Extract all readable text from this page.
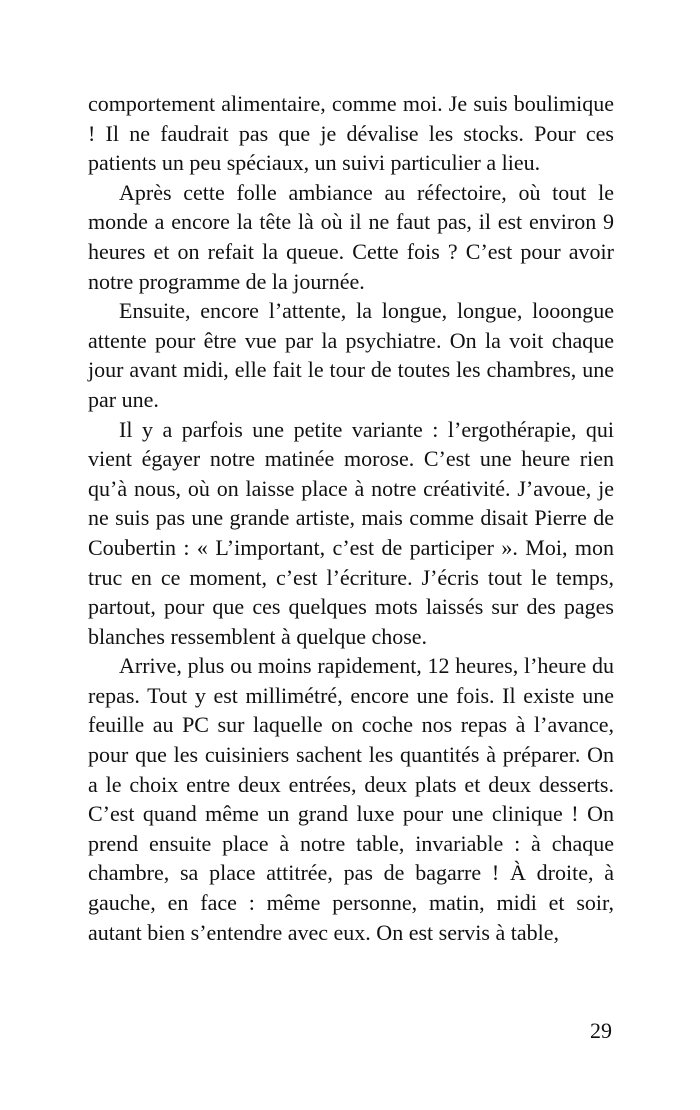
comportement alimentaire, comme moi. Je suis boulimique ! Il ne faudrait pas que je dévalise les stocks. Pour ces patients un peu spéciaux, un suivi particulier a lieu.

Après cette folle ambiance au réfectoire, où tout le monde a encore la tête là où il ne faut pas, il est environ 9 heures et on refait la queue. Cette fois ? C’est pour avoir notre programme de la journée.

Ensuite, encore l’attente, la longue, longue, looongue attente pour être vue par la psychiatre. On la voit chaque jour avant midi, elle fait le tour de toutes les chambres, une par une.

Il y a parfois une petite variante : l’ergothérapie, qui vient égayer notre matinée morose. C’est une heure rien qu’à nous, où on laisse place à notre créativité. J’avoue, je ne suis pas une grande artiste, mais comme disait Pierre de Coubertin : « L’important, c’est de participer ». Moi, mon truc en ce moment, c’est l’écriture. J’écris tout le temps, partout, pour que ces quelques mots laissés sur des pages blanches ressemblent à quelque chose.

Arrive, plus ou moins rapidement, 12 heures, l’heure du repas. Tout y est millimétré, encore une fois. Il existe une feuille au PC sur laquelle on coche nos repas à l’avance, pour que les cuisiniers sachent les quantités à préparer. On a le choix entre deux entrées, deux plats et deux desserts. C’est quand même un grand luxe pour une clinique ! On prend ensuite place à notre table, invariable : à chaque chambre, sa place attitrée, pas de bagarre ! À droite, à gauche, en face : même personne, matin, midi et soir, autant bien s’entendre avec eux. On est servis à table,

29
